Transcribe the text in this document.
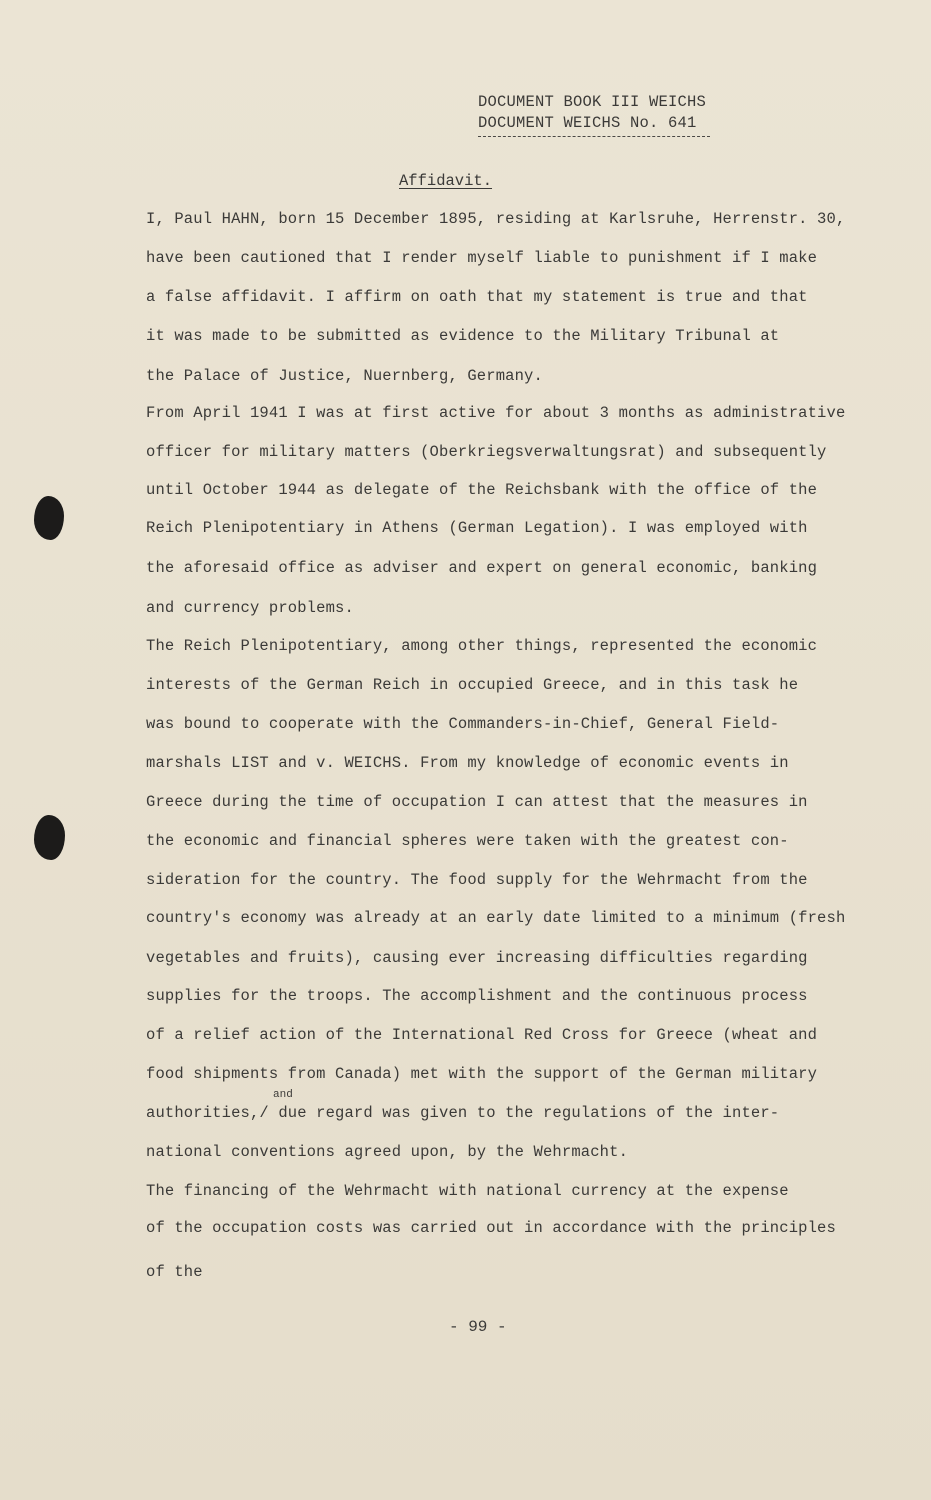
DOCUMENT BOOK III WEICHS
DOCUMENT WEICHS No. 641
Affidavit.
I, Paul HAHN, born 15 December 1895, residing at Karlsruhe, Herrenstr. 30,
have been cautioned that I render myself liable to punishment if I make
a false affidavit. I affirm on oath that my statement is true and that
it was made to be submitted as evidence to the Military Tribunal at
the Palace of Justice, Nuernberg, Germany.
From April 1941 I was at first active for about 3 months as administrative
officer for military matters (Oberkriegsverwaltungsrat) and subsequently
until October 1944 as delegate of the Reichsbank with the office of the
Reich Plenipotentiary in Athens (German Legation). I was employed with
the aforesaid office as adviser and expert on general economic, banking
and currency problems.
The Reich Plenipotentiary, among other things, represented the economic
interests of the German Reich in occupied Greece, and in this task he
was bound to cooperate with the Commanders-in-Chief, General Field-
marshals LIST and v. WEICHS. From my knowledge of economic events in
Greece during the time of occupation I can attest that the measures in
the economic and financial spheres were taken with the greatest con-
sideration for the country. The food supply for the Wehrmacht from the
country's economy was already at an early date limited to a minimum (fresh
vegetables and fruits), causing ever increasing difficulties regarding
supplies for the troops. The accomplishment and the continuous process
of a relief action of the International Red Cross for Greece (wheat and
food shipments from Canada) met with the support of the German military
authorities,/ due regard was given to the regulations of the inter-
national conventions agreed upon, by the Wehrmacht.
The financing of the Wehrmacht with national currency at the expense
of the occupation costs was carried out in accordance with the principles
of the
and
- 99 -
